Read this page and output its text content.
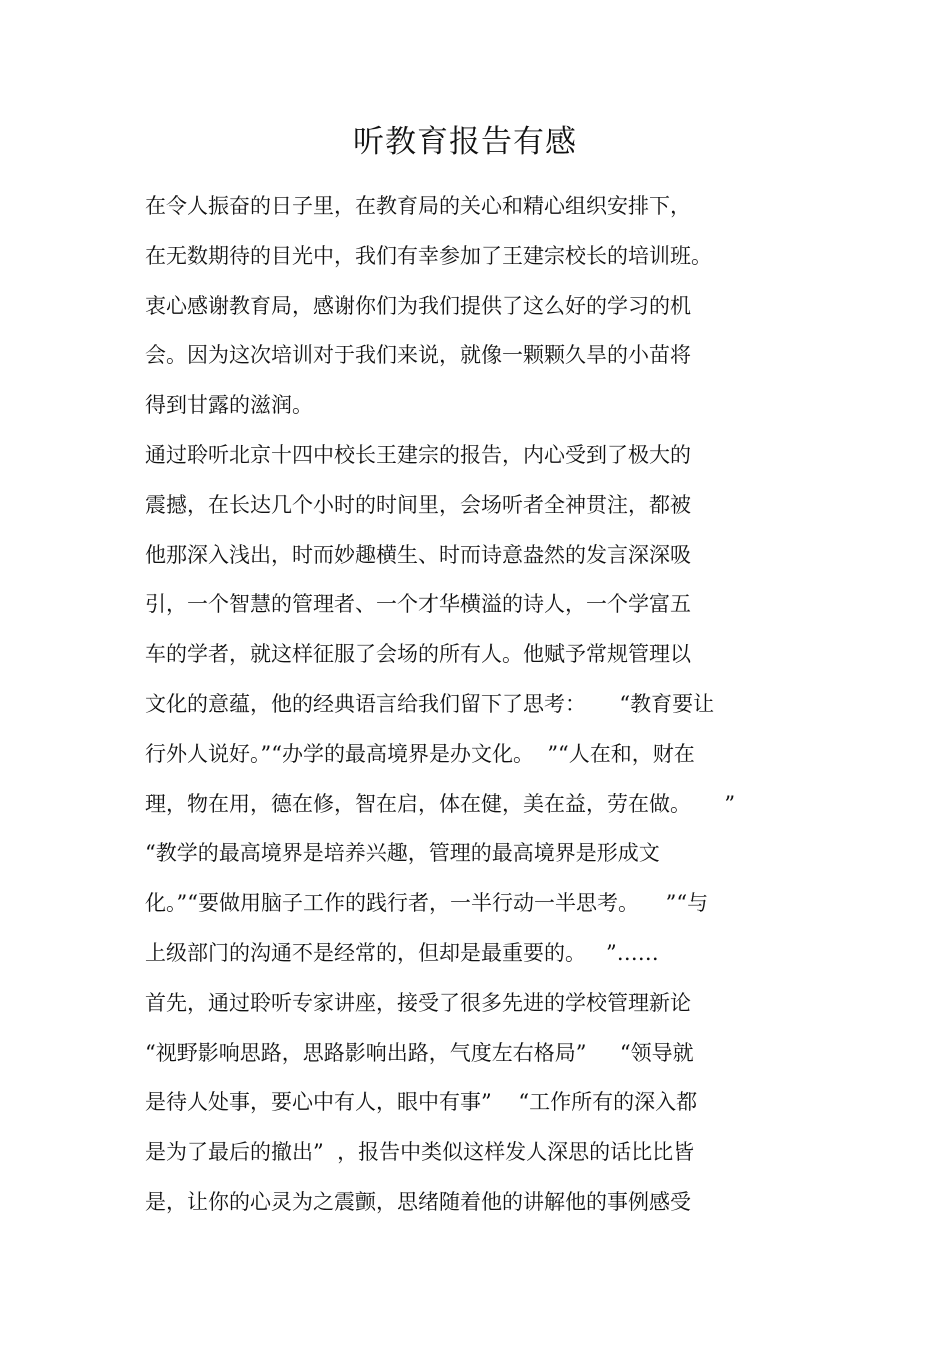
听教育报告有感
在令人振奋的日子里，在教育局的关心和精心组织安排下，
在无数期待的目光中，我们有幸参加了王建宗校长的培训班。
衷心感谢教育局，感谢你们为我们提供了这么好的学习的机
会。因为这次培训对于我们来说，就像一颗颗久旱的小苗将
得到甘露的滋润。
通过聆听北京十四中校长王建宗的报告，内心受到了极大的
震撼，在长达几个小时的时间里，会场听者全神贯注，都被
他那深入浅出，时而妙趣横生、时而诗意盎然的发言深深吸
引，一个智慧的管理者、一个才华横溢的诗人，一个学富五
车的学者，就这样征服了会场的所有人。他赋予常规管理以
文化的意蕴，他的经典语言给我们留下了思考：     “教育要让
行外人说好。”“办学的最高境界是办文化。  ”“人在和，财在
理，物在用，德在修，智在启，体在健，美在益，劳在做。     ”
“教学的最高境界是培养兴趣，管理的最高境界是形成文
化。”“要做用脑子工作的践行者，一半行动一半思考。    ”“与
上级部门的沟通不是经常的，但却是最重要的。   ”……
首先，通过聆听专家讲座，接受了很多先进的学校管理新论
“视野影响思路，思路影响出路，气度左右格局”     “领导就
是待人处事，要心中有人，眼中有事”    “工作所有的深入都
是为了最后的撤出”  ，报告中类似这样发人深思的话比比皆
是，让你的心灵为之震颤，思绪随着他的讲解他的事例感受
